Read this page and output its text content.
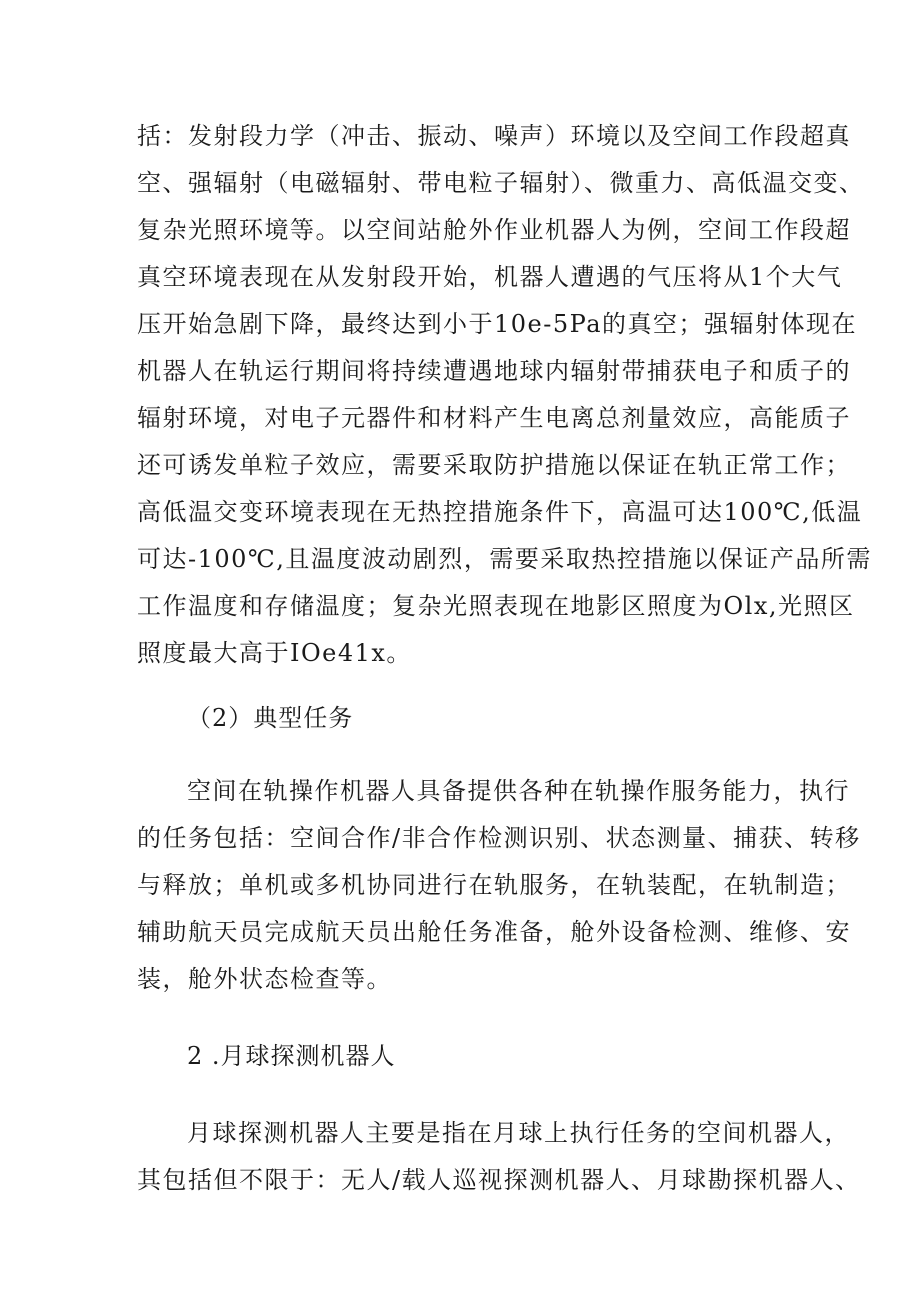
括：发射段力学（冲击、振动、噪声）环境以及空间工作段超真
空、强辐射（电磁辐射、带电粒子辐射）、微重力、高低温交变、
复杂光照环境等。以空间站舱外作业机器人为例，空间工作段超
真空环境表现在从发射段开始，机器人遭遇的气压将从1个大气
压开始急剧下降，最终达到小于10e-5Pa的真空；强辐射体现在
机器人在轨运行期间将持续遭遇地球内辐射带捕获电子和质子的
辐射环境，对电子元器件和材料产生电离总剂量效应，高能质子
还可诱发单粒子效应，需要采取防护措施以保证在轨正常工作；
高低温交变环境表现在无热控措施条件下，高温可达100℃,低温
可达-100℃,且温度波动剧烈，需要采取热控措施以保证产品所需
工作温度和存储温度；复杂光照表现在地影区照度为Olx,光照区
照度最大高于IOe41x。
（2）典型任务
空间在轨操作机器人具备提供各种在轨操作服务能力，执行
的任务包括：空间合作/非合作检测识别、状态测量、捕获、转移
与释放；单机或多机协同进行在轨服务，在轨装配，在轨制造；
辅助航天员完成航天员出舱任务准备，舱外设备检测、维修、安
装，舱外状态检查等。
2 .月球探测机器人
月球探测机器人主要是指在月球上执行任务的空间机器人，
其包括但不限于：无人/载人巡视探测机器人、月球勘探机器人、
